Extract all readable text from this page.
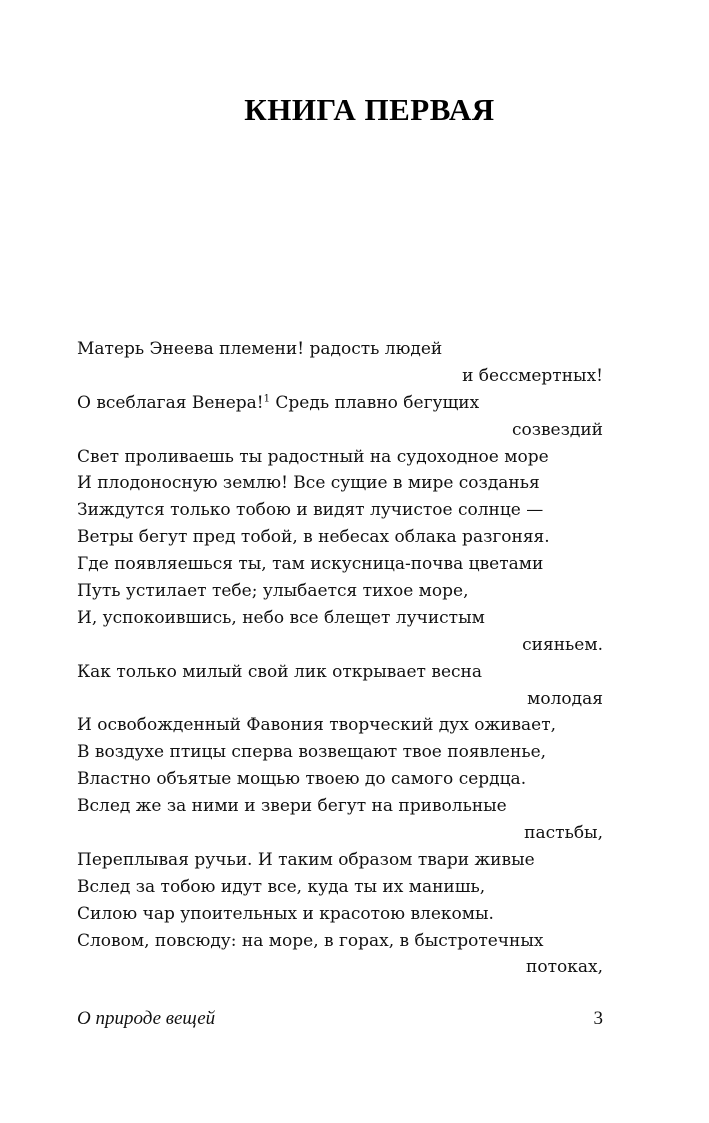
КНИГА ПЕРВАЯ
Матерь Энеева племени! радость людей
и бессмертных!
О всеблагая Венера!$^1$ Средь плавно бегущих
созвездий
Свет проливаешь ты радостный на судоходное море
И плодоносную землю! Все сущие в мире созданья
Зиждутся только тобою и видят лучистое солнце —
Ветры бегут пред тобой, в небесах облака разгоняя.
Где появляешься ты, там искусница-почва цветами
Путь устилает тебе; улыбается тихое море,
И, успокоившись, небо все блещет лучистым
сияньем.
Как только милый свой лик открывает весна
молодая
И освобожденный Фавония творческий дух оживает,
В воздухе птицы сперва возвещают твое появленье,
Властно объятые мощью твоею до самого сердца.
Вслед же за ними и звери бегут на привольные
пастьбы,
Переплывая ручьи. И таким образом твари живые
Вслед за тобою идут все, куда ты их манишь,
Силою чар упоительных и красотою влекомы.
Словом, повсюду: на море, в горах, в быстротечных
потоках,
О природе вещей	3
